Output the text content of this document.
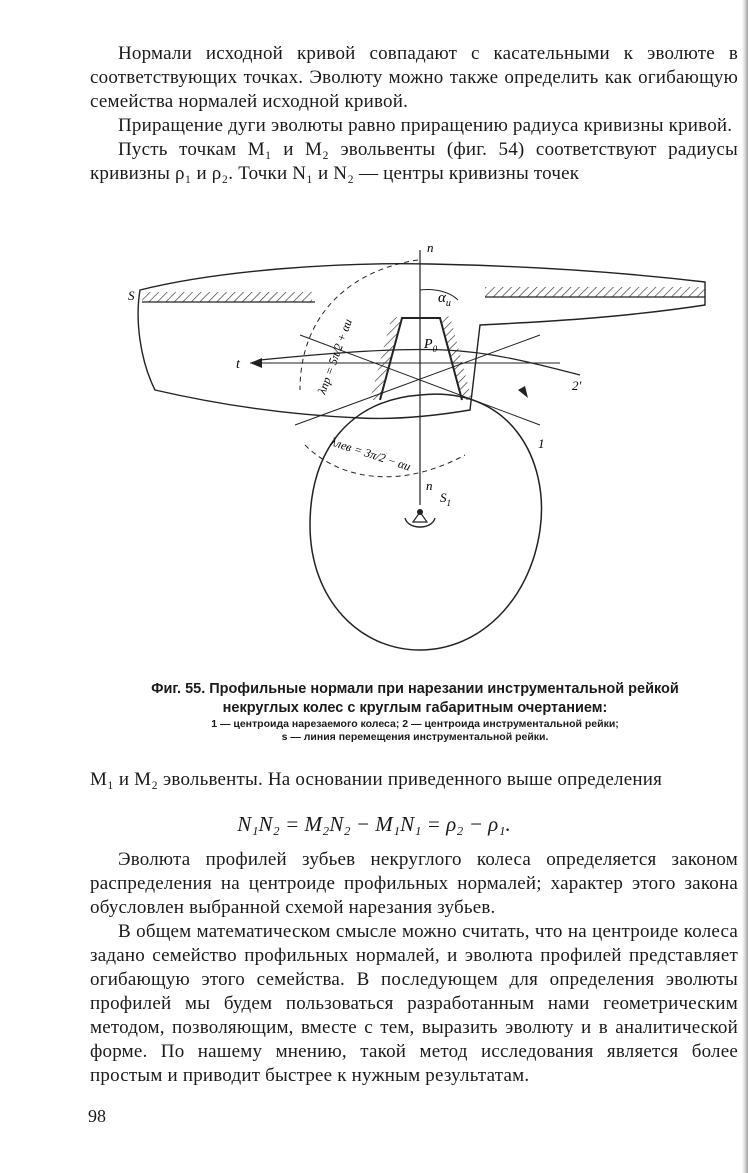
Нормали исходной кривой совпадают с касательными к эволюте в соответствующих точках. Эволюту можно также определить как огибающую семейства нормалей исходной кривой.

Приращение дуги эволюты равно приращению радиуса кривизны кривой.

Пусть точкам M₁ и M₂ эвольвенты (фиг. 54) соответствуют радиусы кривизны ρ₁ и ρ₂. Точки N₁ и N₂ — центры кривизны точек

n
n
S
t
$\alpha_и$
$P_0$
λпр = 5π/2 + αи
λлев = 3π/2 − αи	1
2'
$S_1$

Фиг. 55. Профильные нормали при нарезании инструментальной рейкой некруглых колес с круглым габаритным очертанием:

1 — центроида нарезаемого колеса; 2 — центроида инструментальной рейки;

s — линия перемещения инструментальной рейки.

M₁ и M₂ эвольвенты. На основании приведенного выше определения

N₁N₂ = M₂N₂ − M₁N₁ = ρ₂ − ρ₁.

Эволюта профилей зубьев некруглого колеса определяется законом распределения на центроиде профильных нормалей; характер этого закона обусловлен выбранной схемой нарезания зубьев.

В общем математическом смысле можно считать, что на центроиде колеса задано семейство профильных нормалей, и эволюта профилей представляет огибающую этого семейства. В последующем для определения эволюты профилей мы будем пользоваться разработанным нами геометрическим методом, позволяющим, вместе с тем, выразить эволюту и в аналитической форме. По нашему мнению, такой метод исследования является более простым и приводит быстрее к нужным результатам.

98
